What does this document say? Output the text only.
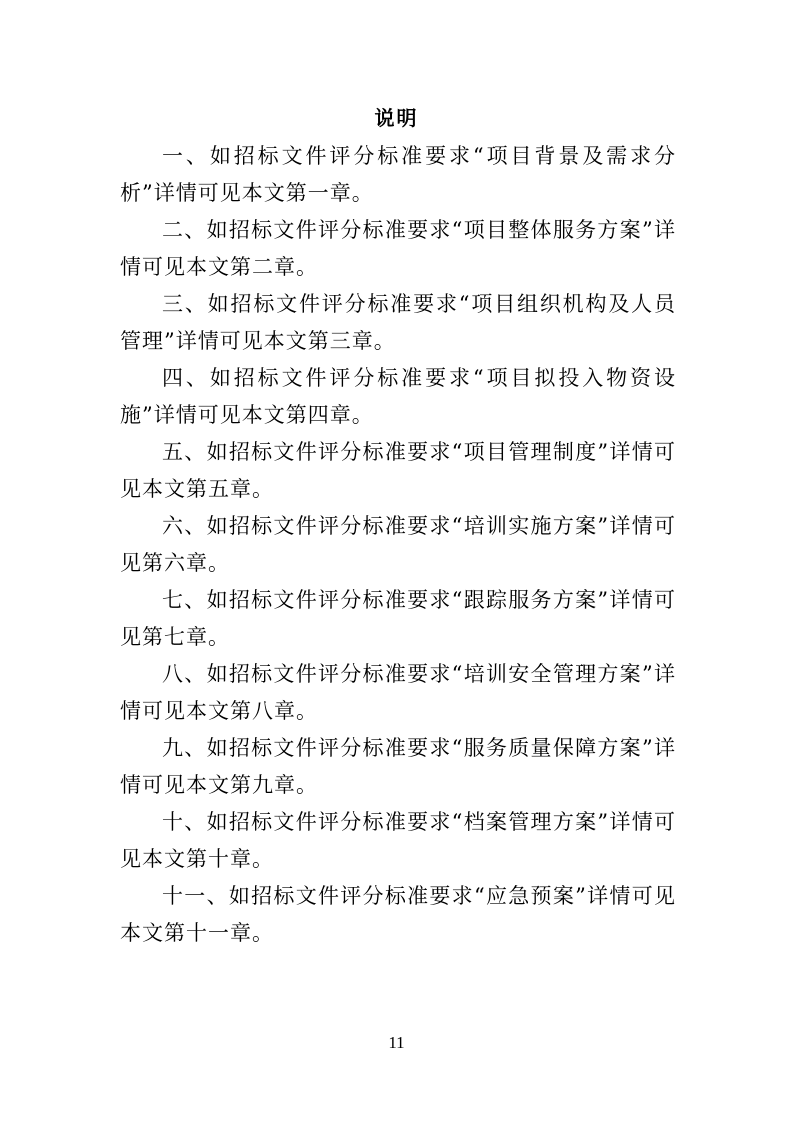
说明

一、如招标文件评分标准要求“项目背景及需求分析”详情可见本文第一章。

二、如招标文件评分标准要求“项目整体服务方案”详情可见本文第二章。

三、如招标文件评分标准要求“项目组织机构及人员管理”详情可见本文第三章。

四、如招标文件评分标准要求“项目拟投入物资设施”详情可见本文第四章。

五、如招标文件评分标准要求“项目管理制度”详情可见本文第五章。

六、如招标文件评分标准要求“培训实施方案”详情可见第六章。

七、如招标文件评分标准要求“跟踪服务方案”详情可见第七章。

八、如招标文件评分标准要求“培训安全管理方案”详情可见本文第八章。

九、如招标文件评分标准要求“服务质量保障方案”详情可见本文第九章。

十、如招标文件评分标准要求“档案管理方案”详情可见本文第十章。

十一、如招标文件评分标准要求“应急预案”详情可见本文第十一章。

11
